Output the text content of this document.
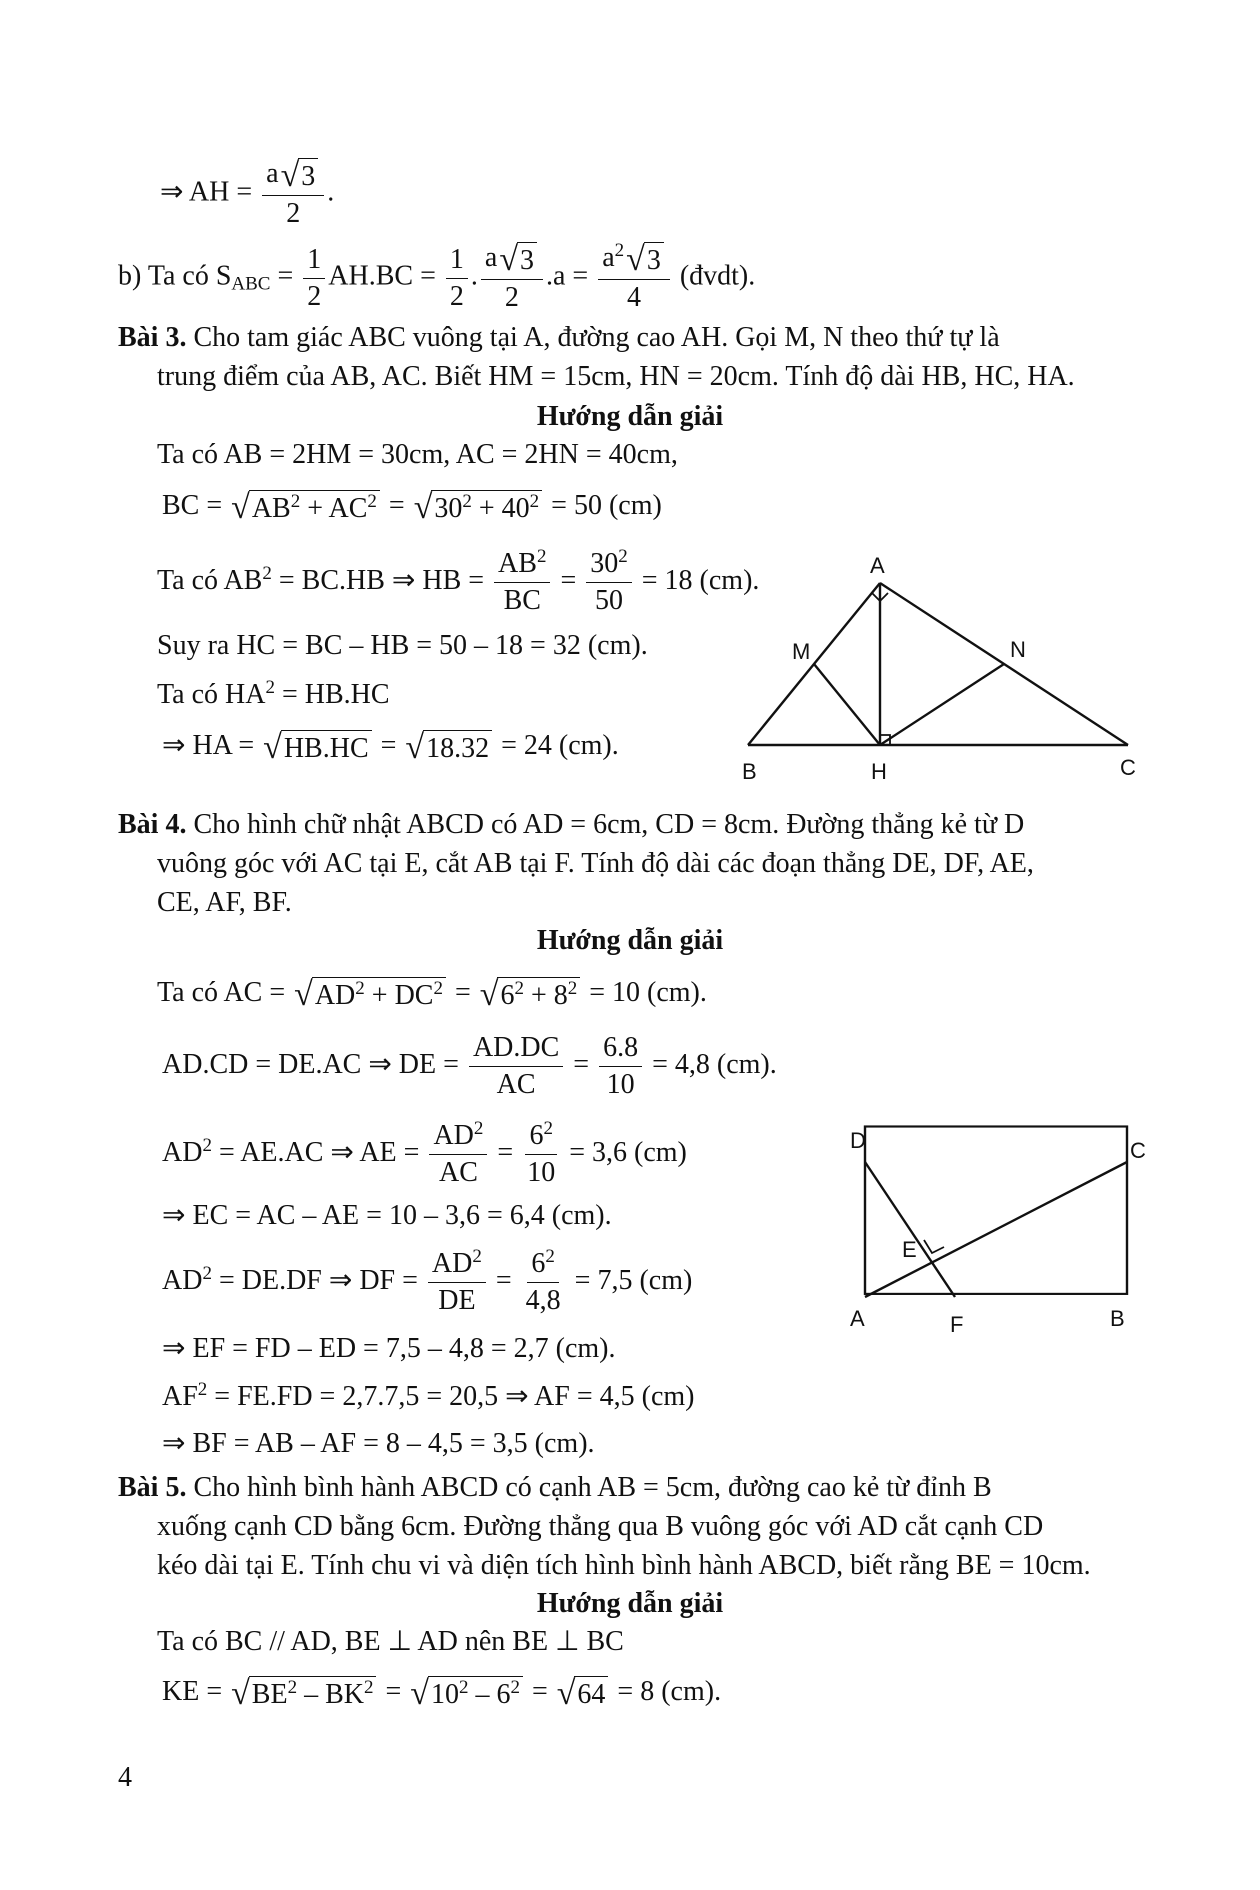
⇒ AH = $\frac{a √ 3}{2}$ .
b) Ta có $S_{ABC} = \frac{1}{2} AH.BC = \frac{1}{2}$ . $\frac{a √ 3}{2} .a = \frac{a^2 √ 3}{4}$ (đvdt).
Bài 3. Cho tam giác ABC vuông tại A, đường cao AH. Gọi M, N theo thứ tự là
trung điểm của AB, AC. Biết HM = 15cm, HN = 20cm. Tính độ dài HB, HC, HA.
Hướng dẫn giải
Ta có AB = 2HM = 30cm, AC = 2HN = 40cm,
BC = √ $AB^2 + AC^2$ = √ $30^2 + 40^2 = 50$ (cm)
Ta có $AB^2 = BC.HB$ ⇒ HB = $\frac{AB^2}{BC} = \frac{30^2}{50} = 18$ (cm).
Suy ra HC = BC – HB = 50 – 18 = 32 (cm).
Ta có $HA^2 = HB.HC$
⇒ HA = √ HB.HC = √ 18.32 = 24 (cm).
A
B	C
H
M	N
Bài 4. Cho hình chữ nhật ABCD có AD = 6cm, CD = 8cm. Đường thẳng kẻ từ D
vuông góc với AC tại E, cắt AB tại F. Tính độ dài các đoạn thẳng DE, DF, AE,
CE, AF, BF.
Hướng dẫn giải
Ta có AC = √ $AD^2 + DC^2$ = √ $6^2 + 8^2 = 10$ (cm).
AD.CD = DE.AC ⇒ DE = $\frac{AD.DC}{AC} = \frac{6.8}{10} = 4,8$ (cm).
$AD^2 = AE.AC$ ⇒ AE = $\frac{AD^2}{AC} = \frac{6^2}{10} = 3,6$ (cm)
⇒ EC = AC – AE = 10 – 3,6 = 6,4 (cm).
$AD^2 = DE.DF$ ⇒ DF = $\frac{AD^2}{DE} = \frac{6^2}{4,8} = 7,5$ (cm)
⇒ EF = FD – ED = 7,5 – 4,8 = 2,7 (cm).
$AF^2 = FE.FD = 2,7.7,5 = 20,5$ ⇒ AF = 4,5 (cm)
⇒ BF = AB – AF = 8 – 4,5 = 3,5 (cm).
D	C
A	B
E
F
Bài 5. Cho hình bình hành ABCD có cạnh AB = 5cm, đường cao kẻ từ đỉnh B
xuống cạnh CD bằng 6cm. Đường thẳng qua B vuông góc với AD cắt cạnh CD
kéo dài tại E. Tính chu vi và diện tích hình bình hành ABCD, biết rằng BE = 10cm.
Hướng dẫn giải
Ta có BC // AD, BE ⊥ AD nên BE ⊥ BC
KE = √ $BE^2 - BK^2$ = √ $10^2 - 6^2$ = √ 64 = 8 (cm).
4
